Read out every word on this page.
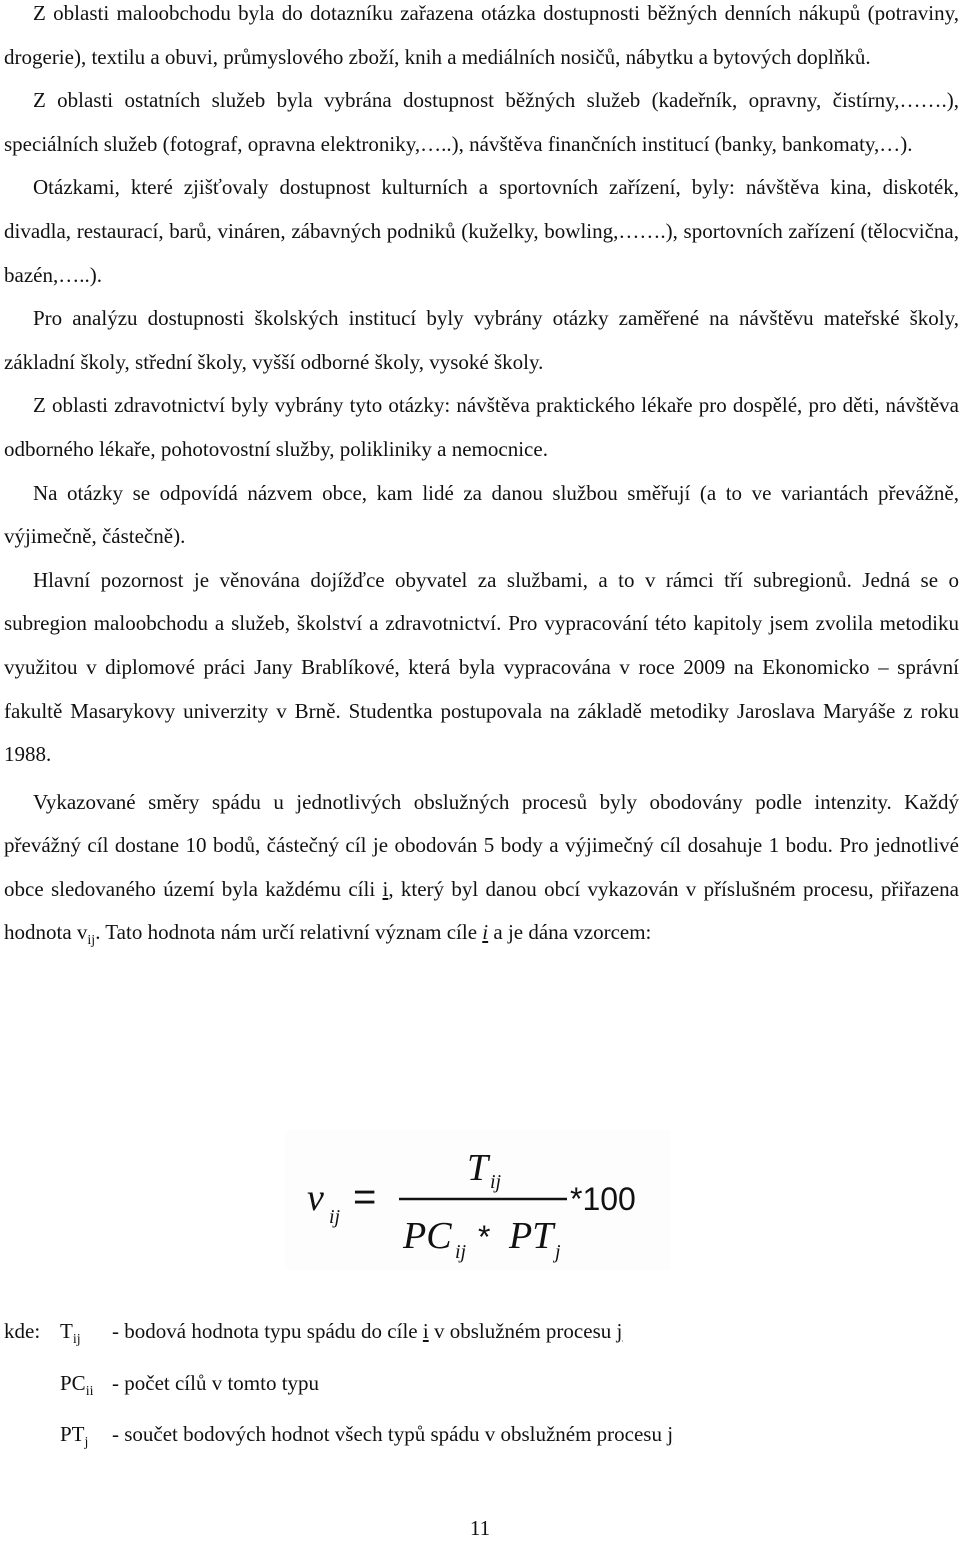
Z oblasti maloobchodu byla do dotazníku zařazena otázka dostupnosti běžných denních nákupů (potraviny, drogerie), textilu a obuvi, průmyslového zboží, knih a mediálních nosičů, nábytku a bytových doplňků.

Z oblasti ostatních služeb byla vybrána dostupnost běžných služeb (kadeřník, opravny, čistírny,…….), speciálních služeb (fotograf, opravna elektroniky,…..), návštěva finančních institucí (banky, bankomaty,…).

Otázkami, které zjišťovaly dostupnost kulturních a sportovních zařízení, byly: návštěva kina, diskoték, divadla, restaurací, barů, vináren, zábavných podniků (kuželky, bowling,…….), sportovních zařízení (tělocvična, bazén,…..).

Pro analýzu dostupnosti školských institucí byly vybrány otázky zaměřené na návštěvu mateřské školy, základní školy, střední školy, vyšší odborné školy, vysoké školy.

Z oblasti zdravotnictví byly vybrány tyto otázky: návštěva praktického lékaře pro dospělé, pro děti, návštěva odborného lékaře, pohotovostní služby, polikliniky a nemocnice.

Na otázky se odpovídá názvem obce, kam lidé za danou službou směřují (a to ve variantách převážně, výjimečně, částečně).

Hlavní pozornost je věnována dojížďce obyvatel za službami, a to v rámci tří subregionů. Jedná se o subregion maloobchodu a služeb, školství a zdravotnictví. Pro vypracování této kapitoly jsem zvolila metodiku využitou v diplomové práci Jany Brablíkové, která byla vypracována v roce 2009 na Ekonomicko – správní fakultě Masarykovy univerzity v Brně. Studentka postupovala na základě metodiky Jaroslava Maryáše z roku 1988.

Vykazované směry spádu u jednotlivých obslužných procesů byly obodovány podle intenzity. Každý převážný cíl dostane 10 bodů, částečný cíl je obodován 5 body a výjimečný cíl dosahuje 1 bodu. Pro jednotlivé obce sledovaného území byla každému cíli i, který byl danou obcí vykazován v příslušném procesu, přiřazena hodnota $v_{ij}$. Tato hodnota nám určí relativní význam cíle i a je dána vzorcem:

v ij
T ij
PC ij PT j
=
*
*100
kde: $T_{ij}$	- bodová hodnota typu spádu do cíle i v obslužném procesu j
$PC_{ii}$ - počet cílů v tomto typu
$PT_j$	- součet bodových hodnot všech typů spádu v obslužném procesu j
11
